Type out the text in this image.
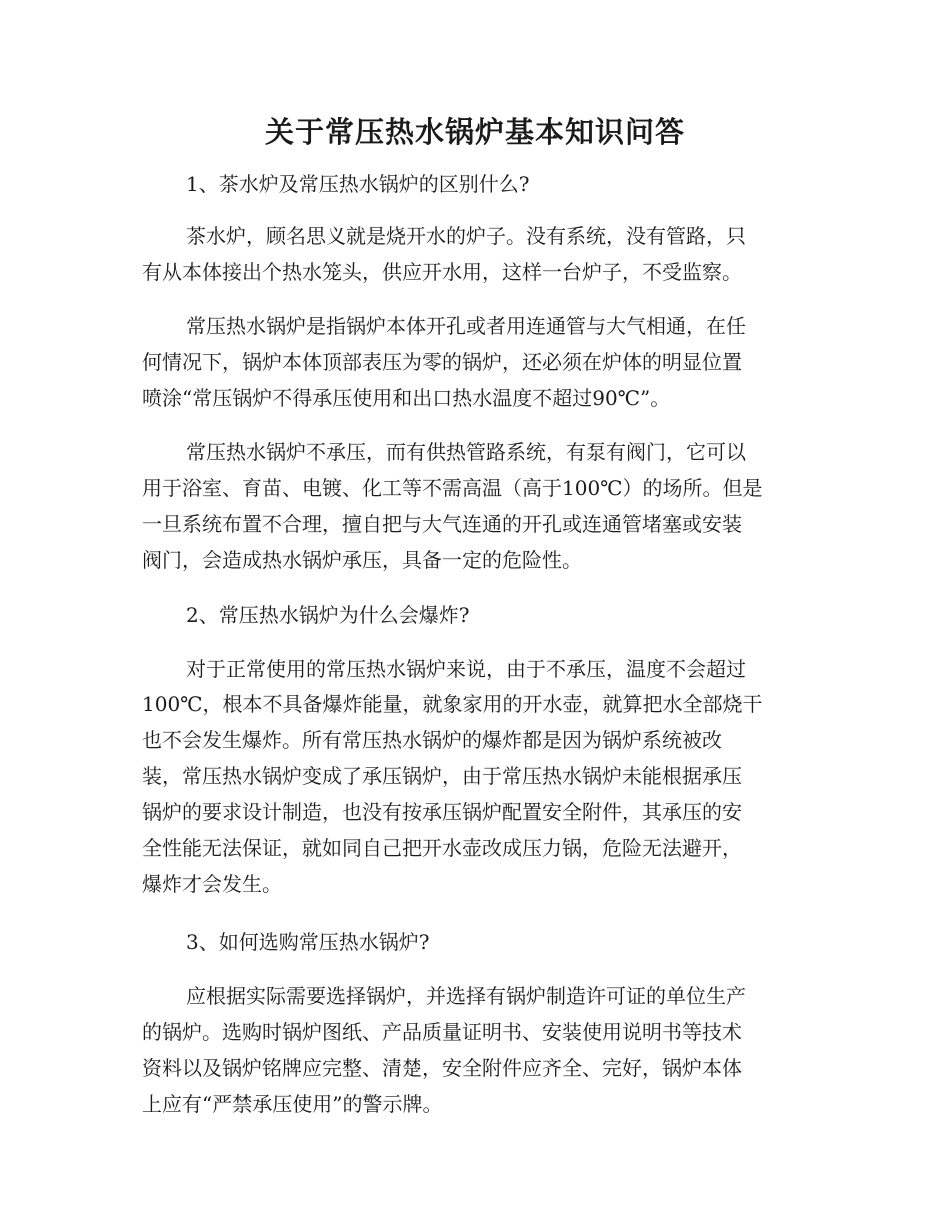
关于常压热水锅炉基本知识问答
1、茶水炉及常压热水锅炉的区别什么?
茶水炉，顾名思义就是烧开水的炉子。没有系统，没有管路，只
有从本体接出个热水笼头，供应开水用，这样一台炉子，不受监察。
常压热水锅炉是指锅炉本体开孔或者用连通管与大气相通，在任
何情况下，锅炉本体顶部表压为零的锅炉，还必须在炉体的明显位置
喷涂“常压锅炉不得承压使用和出口热水温度不超过90℃”。
常压热水锅炉不承压，而有供热管路系统，有泵有阀门，它可以
用于浴室、育苗、电镀、化工等不需高温（高于100℃）的场所。但是
一旦系统布置不合理，擅自把与大气连通的开孔或连通管堵塞或安装
阀门，会造成热水锅炉承压，具备一定的危险性。
2、常压热水锅炉为什么会爆炸?
对于正常使用的常压热水锅炉来说，由于不承压，温度不会超过
100℃，根本不具备爆炸能量，就象家用的开水壶，就算把水全部烧干
也不会发生爆炸。所有常压热水锅炉的爆炸都是因为锅炉系统被改
装，常压热水锅炉变成了承压锅炉，由于常压热水锅炉未能根据承压
锅炉的要求设计制造，也没有按承压锅炉配置安全附件，其承压的安
全性能无法保证，就如同自己把开水壶改成压力锅，危险无法避开，
爆炸才会发生。
3、如何选购常压热水锅炉?
应根据实际需要选择锅炉，并选择有锅炉制造许可证的单位生产
的锅炉。选购时锅炉图纸、产品质量证明书、安装使用说明书等技术
资料以及锅炉铭牌应完整、清楚，安全附件应齐全、完好，锅炉本体
上应有“严禁承压使用”的警示牌。
